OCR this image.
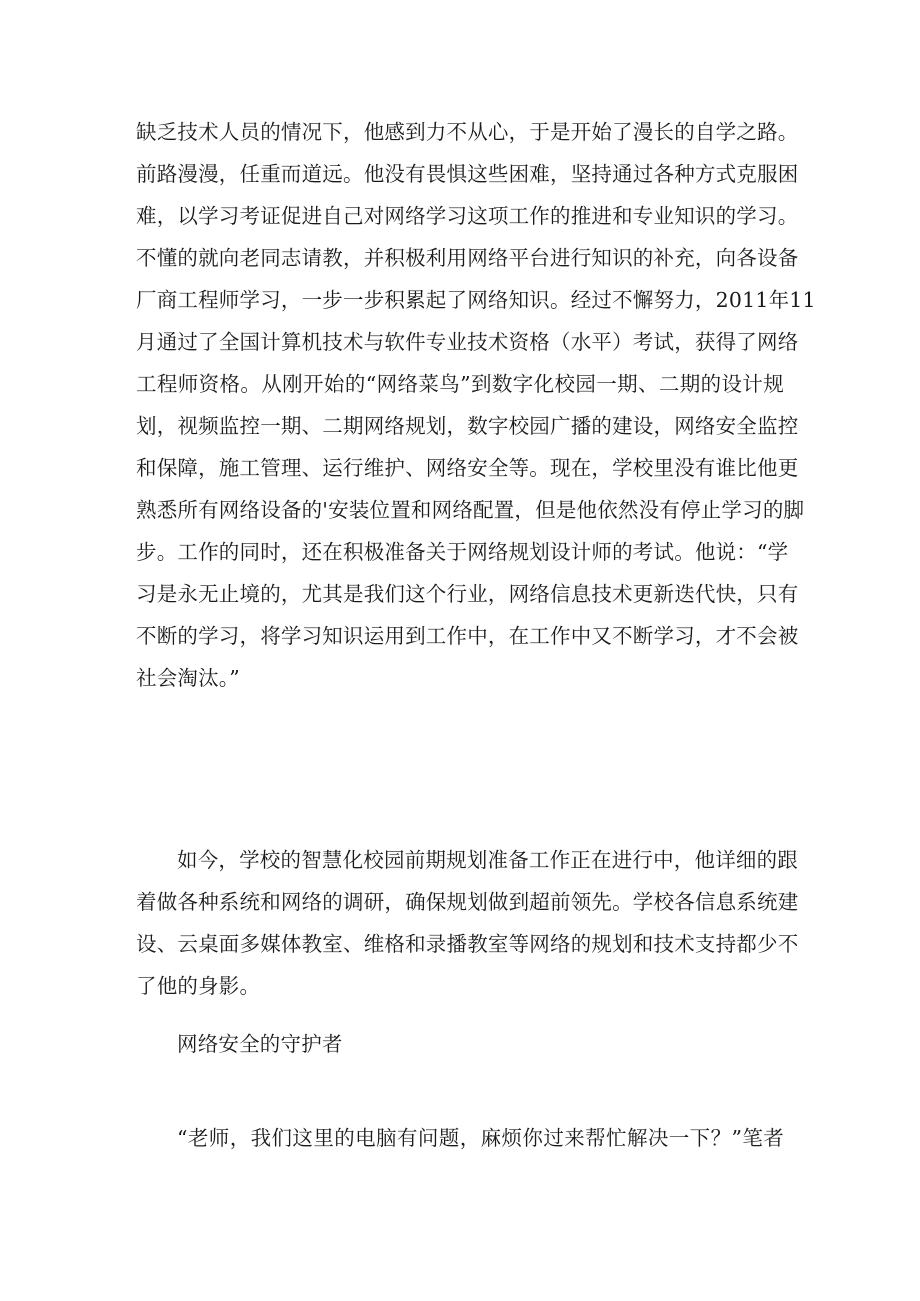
缺乏技术人员的情况下，他感到力不从心，于是开始了漫长的自学之路。
前路漫漫，任重而道远。他没有畏惧这些困难，坚持通过各种方式克服困
难，以学习考证促进自己对网络学习这项工作的推进和专业知识的学习。
不懂的就向老同志请教，并积极利用网络平台进行知识的补充，向各设备
厂商工程师学习，一步一步积累起了网络知识。经过不懈努力，2011年11
月通过了全国计算机技术与软件专业技术资格（水平）考试，获得了网络
工程师资格。从刚开始的“网络菜鸟”到数字化校园一期、二期的设计规
划，视频监控一期、二期网络规划，数字校园广播的建设，网络安全监控
和保障，施工管理、运行维护、网络安全等。现在，学校里没有谁比他更
熟悉所有网络设备的'安装位置和网络配置，但是他依然没有停止学习的脚
步。工作的同时，还在积极准备关于网络规划设计师的考试。他说：“学
习是永无止境的，尤其是我们这个行业，网络信息技术更新迭代快，只有
不断的学习，将学习知识运用到工作中，在工作中又不断学习，才不会被
社会淘汰。”
如今，学校的智慧化校园前期规划准备工作正在进行中，他详细的跟
着做各种系统和网络的调研，确保规划做到超前领先。学校各信息系统建
设、云桌面多媒体教室、维格和录播教室等网络的规划和技术支持都少不
了他的身影。
网络安全的守护者
“老师，我们这里的电脑有问题，麻烦你过来帮忙解决一下？”笔者
